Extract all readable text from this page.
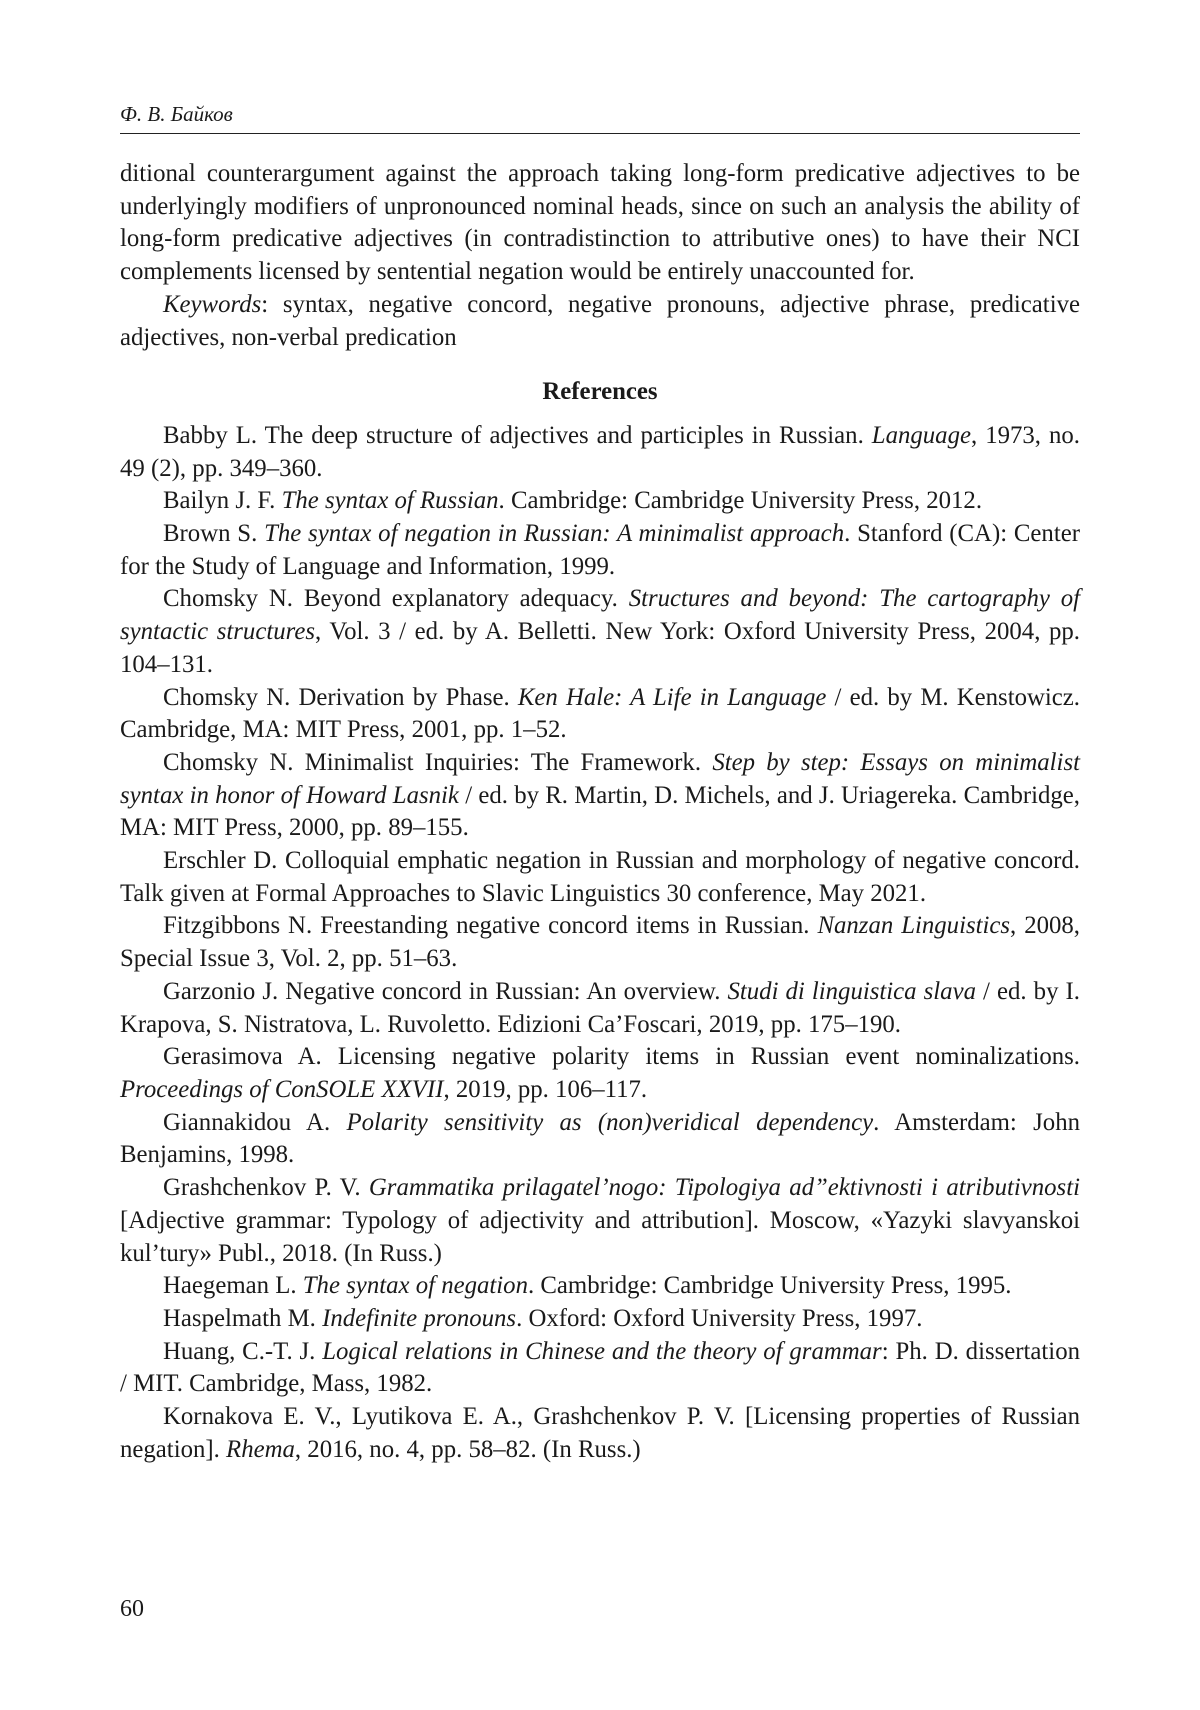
Ф. В. Байков

ditional counterargument against the approach taking long-form predicative adjectives to be underlyingly modifiers of unpronounced nominal heads, since on such an analysis the ability of long-form predicative adjectives (in contradistinction to attributive ones) to have their NCI complements licensed by sentential negation would be entirely unaccounted for.

Keywords: syntax, negative concord, negative pronouns, adjective phrase, predicative adjectives, non-verbal predication

References

Babby L. The deep structure of adjectives and participles in Russian. Language, 1973, no. 49 (2), pp. 349–360.

Bailyn J. F. The syntax of Russian. Cambridge: Cambridge University Press, 2012.

Brown S. The syntax of negation in Russian: A minimalist approach. Stanford (CA): Center for the Study of Language and Information, 1999.

Chomsky N. Beyond explanatory adequacy. Structures and beyond: The cartography of syntactic structures, Vol. 3 / ed. by A. Belletti. New York: Oxford University Press, 2004, pp. 104–131.

Chomsky N. Derivation by Phase. Ken Hale: A Life in Language / ed. by M. Kenstowicz. Cambridge, MA: MIT Press, 2001, pp. 1–52.

Chomsky N. Minimalist Inquiries: The Framework. Step by step: Essays on minimalist syntax in honor of Howard Lasnik / ed. by R. Martin, D. Michels, and J. Uriagereka. Cambridge, MA: MIT Press, 2000, pp. 89–155.

Erschler D. Colloquial emphatic negation in Russian and morphology of negative concord. Talk given at Formal Approaches to Slavic Linguistics 30 conference, May 2021.

Fitzgibbons N. Freestanding negative concord items in Russian. Nanzan Linguistics, 2008, Special Issue 3, Vol. 2, pp. 51–63.

Garzonio J. Negative concord in Russian: An overview. Studi di linguistica slava / ed. by I. Krapova, S. Nistratova, L. Ruvoletto. Edizioni Ca’Foscari, 2019, pp. 175–190.

Gerasimova A. Licensing negative polarity items in Russian event nominalizations. Proceedings of ConSOLE XXVII, 2019, pp. 106–117.

Giannakidou A. Polarity sensitivity as (non)veridical dependency. Amsterdam: John Benjamins, 1998.

Grashchenkov P. V. Grammatika prilagatel’nogo: Tipologiya ad”ektivnosti i atributivnosti [Adjective grammar: Typology of adjectivity and attribution]. Moscow, «Yazyki slavyanskoi kul’tury» Publ., 2018. (In Russ.)

Haegeman L. The syntax of negation. Cambridge: Cambridge University Press, 1995.

Haspelmath M. Indefinite pronouns. Oxford: Oxford University Press, 1997.

Huang, C.-T. J. Logical relations in Chinese and the theory of grammar: Ph. D. dissertation / MIT. Cambridge, Mass, 1982.

Kornakova E. V., Lyutikova E. A., Grashchenkov P. V. [Licensing properties of Russian negation]. Rhema, 2016, no. 4, pp. 58–82. (In Russ.)

60
